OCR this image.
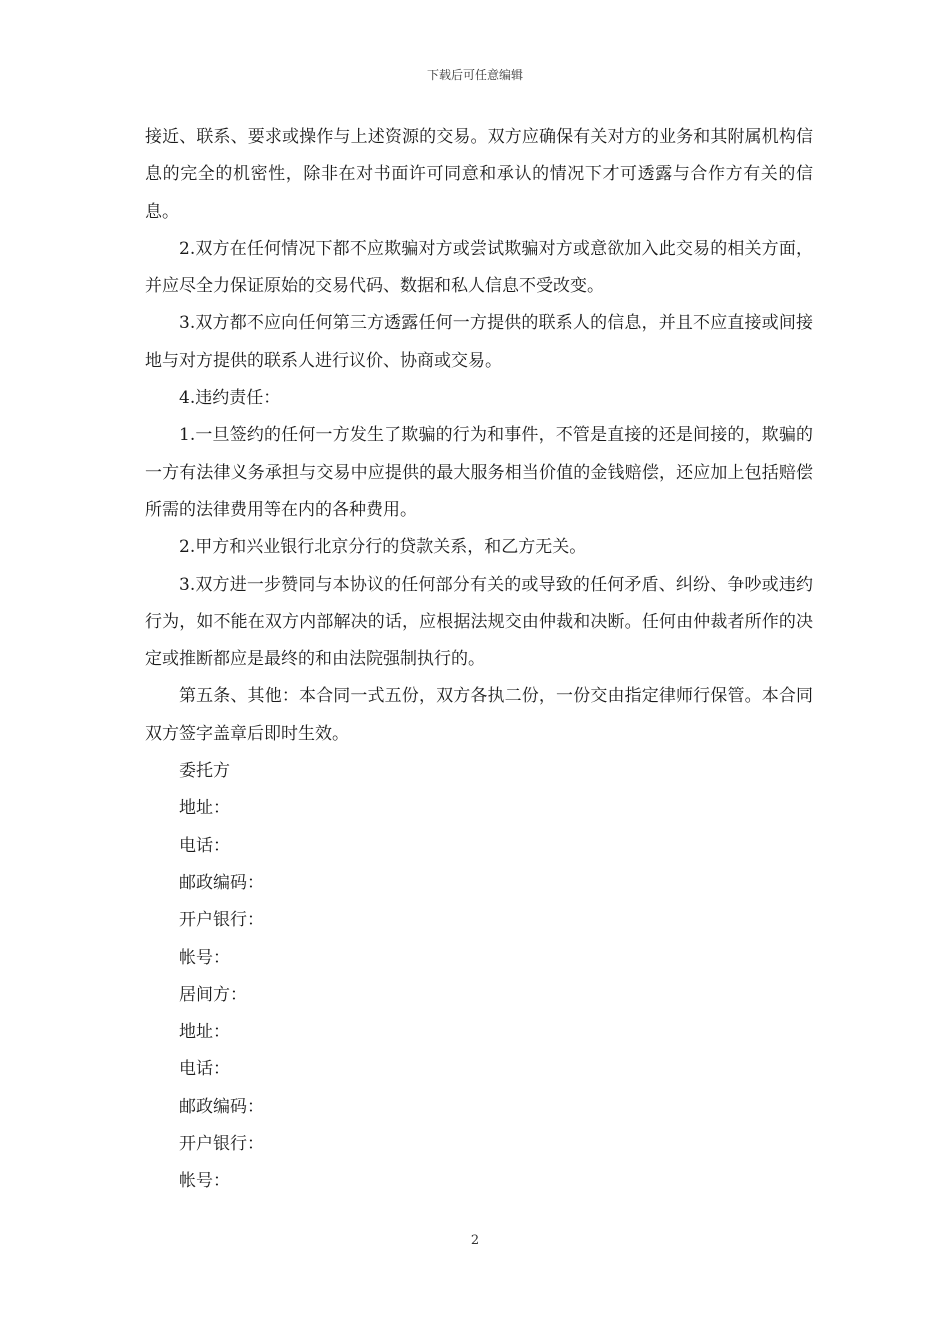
下载后可任意编辑

接近、联系、要求或操作与上述资源的交易。双方应确保有关对方的业务和其附属机构信息的完全的机密性，除非在对书面许可同意和承认的情况下才可透露与合作方有关的信息。

2.双方在任何情况下都不应欺骗对方或尝试欺骗对方或意欲加入此交易的相关方面，并应尽全力保证原始的交易代码、数据和私人信息不受改变。

3.双方都不应向任何第三方透露任何一方提供的联系人的信息，并且不应直接或间接地与对方提供的联系人进行议价、协商或交易。

4.违约责任：

1.一旦签约的任何一方发生了欺骗的行为和事件，不管是直接的还是间接的，欺骗的一方有法律义务承担与交易中应提供的最大服务相当价值的金钱赔偿，还应加上包括赔偿所需的法律费用等在内的各种费用。

2.甲方和兴业银行北京分行的贷款关系，和乙方无关。

3.双方进一步赞同与本协议的任何部分有关的或导致的任何矛盾、纠纷、争吵或违约行为，如不能在双方内部解决的话，应根据法规交由仲裁和决断。任何由仲裁者所作的决定或推断都应是最终的和由法院强制执行的。

第五条、其他：本合同一式五份，双方各执二份，一份交由指定律师行保管。本合同双方签字盖章后即时生效。

委托方

地址：

电话：

邮政编码：

开户银行：

帐号：

居间方：

地址：

电话：

邮政编码：

开户银行：

帐号：

2
